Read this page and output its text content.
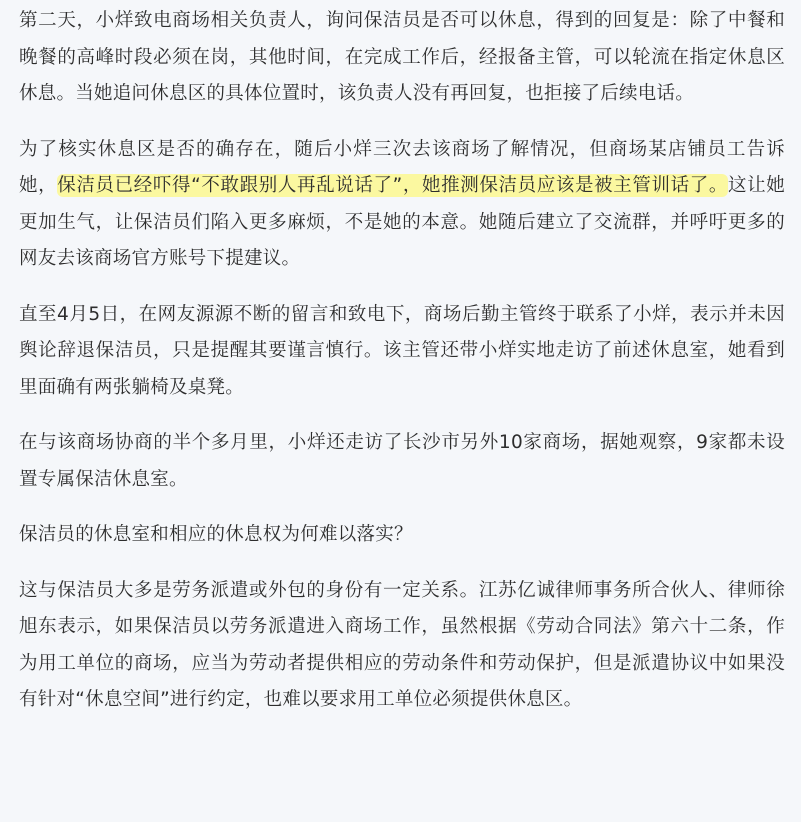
第二天，小烊致电商场相关负责人，询问保洁员是否可以休息，得到的回复是：除了中餐和晚餐的高峰时段必须在岗，其他时间，在完成工作后，经报备主管，可以轮流在指定休息区休息。当她追问休息区的具体位置时，该负责人没有再回复，也拒接了后续电话。

为了核实休息区是否的确存在，随后小烊三次去该商场了解情况，但商场某店铺员工告诉她，保洁员已经吓得“不敢跟别人再乱说话了”，她推测保洁员应该是被主管训话了。这让她更加生气，让保洁员们陷入更多麻烦，不是她的本意。她随后建立了交流群，并呼吁更多的网友去该商场官方账号下提建议。

直至4月5日，在网友源源不断的留言和致电下，商场后勤主管终于联系了小烊，表示并未因舆论辞退保洁员，只是提醒其要谨言慎行。该主管还带小烊实地走访了前述休息室，她看到里面确有两张躺椅及桌凳。

在与该商场协商的半个多月里，小烊还走访了长沙市另外10家商场，据她观察，9家都未设置专属保洁休息室。

保洁员的休息室和相应的休息权为何难以落实？

这与保洁员大多是劳务派遣或外包的身份有一定关系。江苏亿诚律师事务所合伙人、律师徐旭东表示，如果保洁员以劳务派遣进入商场工作，虽然根据《劳动合同法》第六十二条，作为用工单位的商场，应当为劳动者提供相应的劳动条件和劳动保护，但是派遣协议中如果没有针对“休息空间”进行约定，也难以要求用工单位必须提供休息区。
